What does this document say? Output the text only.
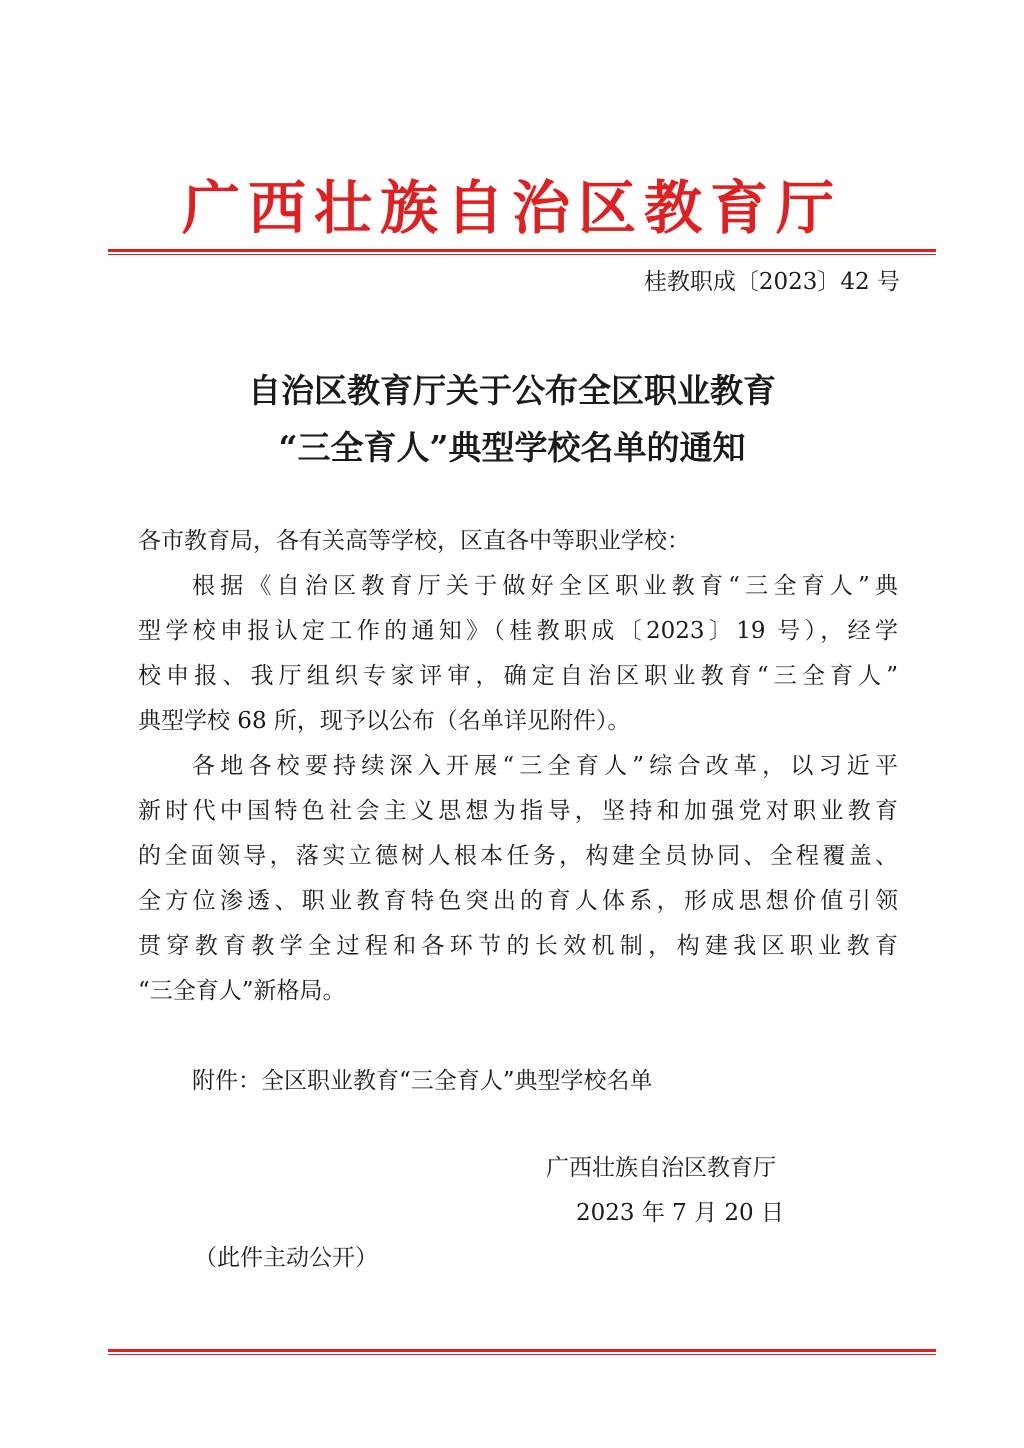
广西壮族自治区教育厅
桂教职成〔2023〕42 号
自治区教育厅关于公布全区职业教育
“三全育人”典型学校名单的通知
各市教育局，各有关高等学校，区直各中等职业学校：
根据《自治区教育厅关于做好全区职业教育“三全育人”典
型学校申报认定工作的通知》（桂教职成〔2023〕19 号），经学
校申报、我厅组织专家评审，确定自治区职业教育“三全育人”
典型学校 68 所，现予以公布（名单详见附件）。
各地各校要持续深入开展“三全育人”综合改革，以习近平
新时代中国特色社会主义思想为指导，坚持和加强党对职业教育
的全面领导，落实立德树人根本任务，构建全员协同、全程覆盖、
全方位渗透、职业教育特色突出的育人体系，形成思想价值引领
贯穿教育教学全过程和各环节的长效机制，构建我区职业教育
“三全育人”新格局。
附件：全区职业教育“三全育人”典型学校名单
广西壮族自治区教育厅
2023 年 7 月 20 日
（此件主动公开）
